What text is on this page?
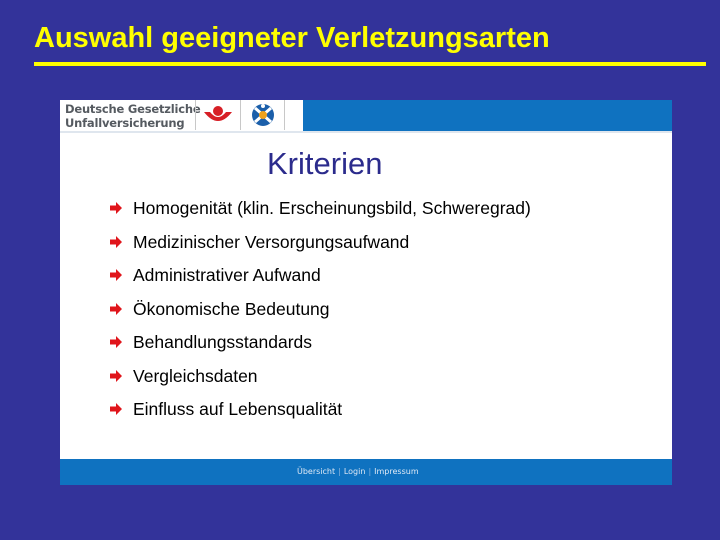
Auswahl geeigneter Verletzungsarten
Deutsche Gesetzliche
Unfallversicherung
Kriterien
Homogenität (klin. Erscheinungsbild, Schweregrad)
Medizinischer Versorgungsaufwand
Administrativer Aufwand
Ökonomische Bedeutung
Behandlungsstandards
Vergleichsdaten
Einfluss auf Lebensqualität
Übersicht | Login | Impressum
